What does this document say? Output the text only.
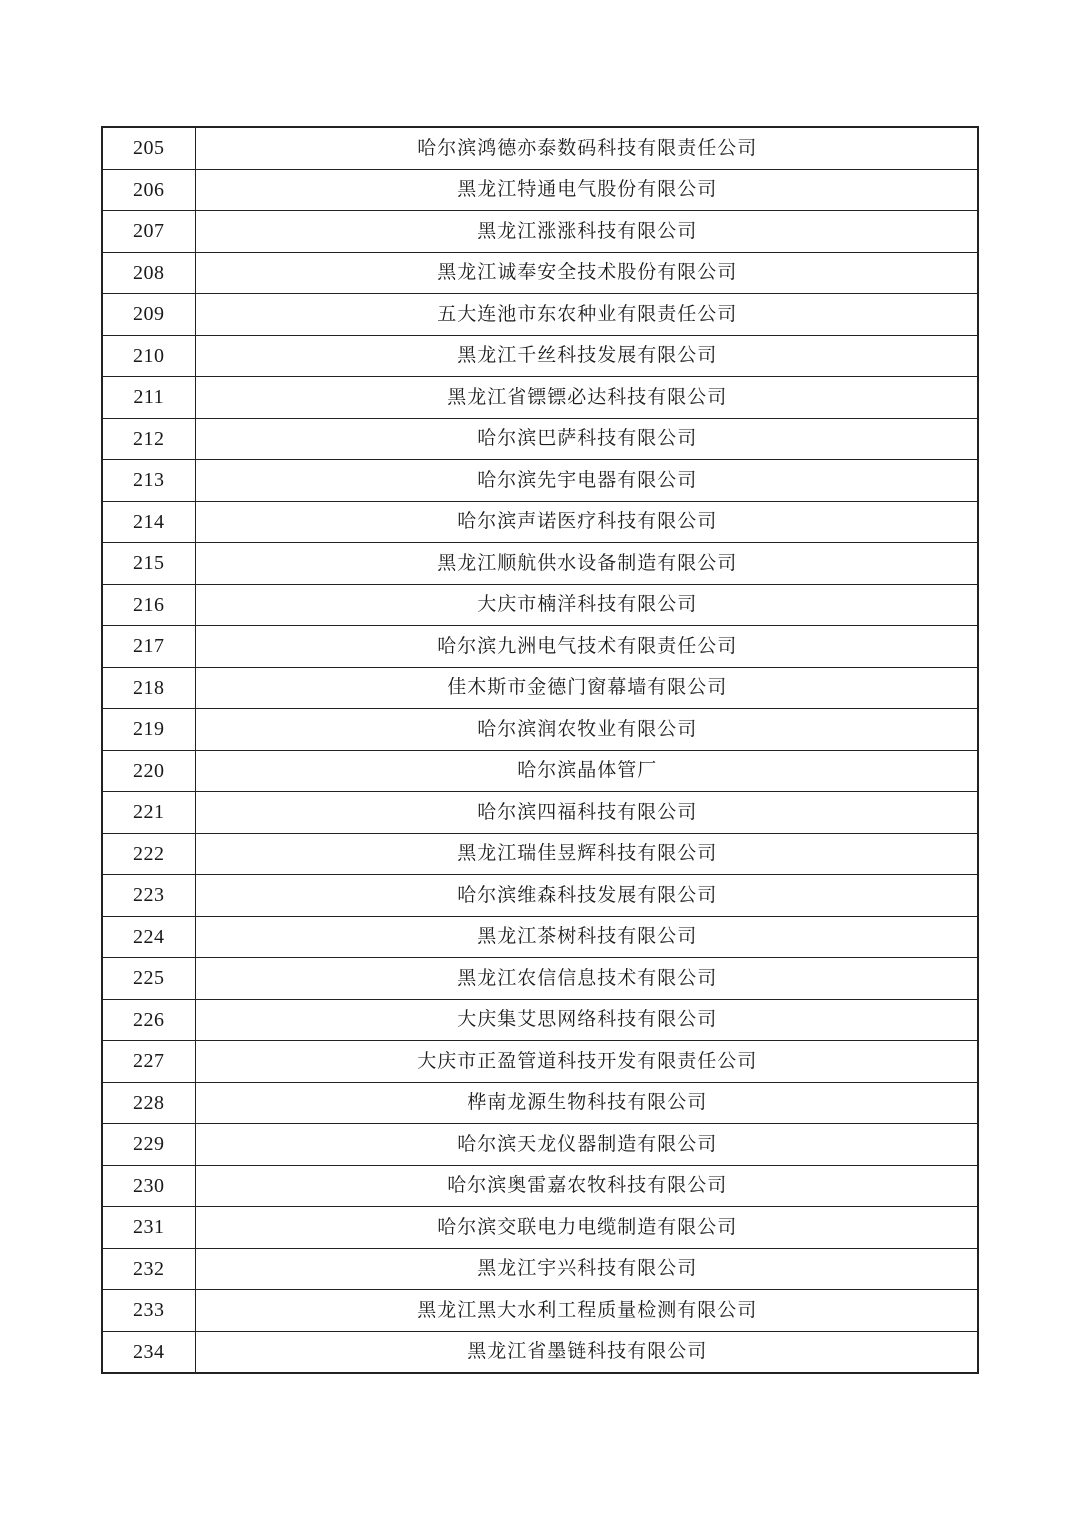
205	哈尔滨鸿德亦泰数码科技有限责任公司
206	黑龙江特通电气股份有限公司
207	黑龙江涨涨科技有限公司
208	黑龙江诚奉安全技术股份有限公司
209	五大连池市东农种业有限责任公司
210	黑龙江千丝科技发展有限公司
211	黑龙江省镖镖必达科技有限公司
212	哈尔滨巴萨科技有限公司
213	哈尔滨先宇电器有限公司
214	哈尔滨声诺医疗科技有限公司
215	黑龙江顺航供水设备制造有限公司
216	大庆市楠洋科技有限公司
217	哈尔滨九洲电气技术有限责任公司
218	佳木斯市金德门窗幕墙有限公司
219	哈尔滨润农牧业有限公司
220	哈尔滨晶体管厂
221	哈尔滨四福科技有限公司
222	黑龙江瑞佳昱辉科技有限公司
223	哈尔滨维森科技发展有限公司
224	黑龙江茶树科技有限公司
225	黑龙江农信信息技术有限公司
226	大庆集艾思网络科技有限公司
227	大庆市正盈管道科技开发有限责任公司
228	桦南龙源生物科技有限公司
229	哈尔滨天龙仪器制造有限公司
230	哈尔滨奥雷嘉农牧科技有限公司
231	哈尔滨交联电力电缆制造有限公司
232	黑龙江宇兴科技有限公司
233	黑龙江黑大水利工程质量检测有限公司
234	黑龙江省墨链科技有限公司
